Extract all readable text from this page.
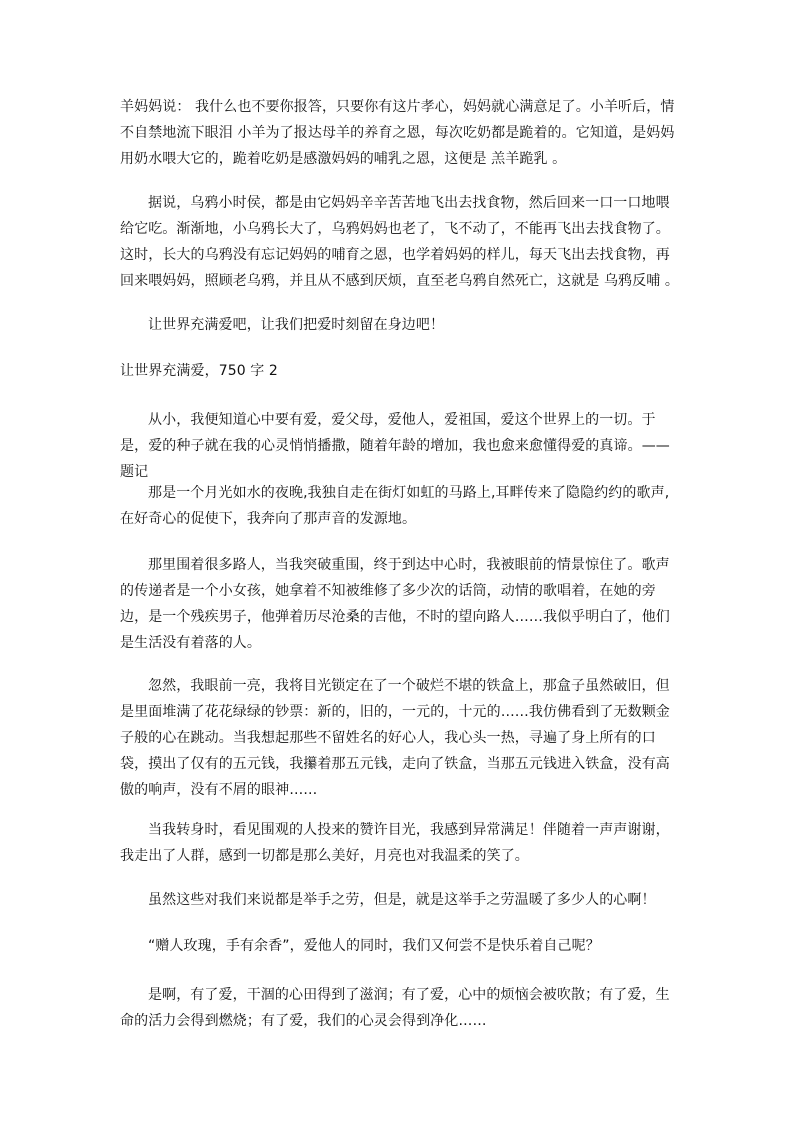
羊妈妈说： 我什么也不要你报答，只要你有这片孝心，妈妈就心满意足了。小羊听后，情不自禁地流下眼泪 小羊为了报达母羊的养育之恩，每次吃奶都是跪着的。它知道，是妈妈用奶水喂大它的，跪着吃奶是感激妈妈的哺乳之恩，这便是 羔羊跪乳 。
据说，乌鸦小时侯，都是由它妈妈辛辛苦苦地飞出去找食物，然后回来一口一口地喂给它吃。渐渐地，小乌鸦长大了，乌鸦妈妈也老了，飞不动了，不能再飞出去找食物了。这时，长大的乌鸦没有忘记妈妈的哺育之恩，也学着妈妈的样儿，每天飞出去找食物，再回来喂妈妈，照顾老乌鸦，并且从不感到厌烦，直至老乌鸦自然死亡，这就是 乌鸦反哺 。
让世界充满爱吧，让我们把爱时刻留在身边吧！
让世界充满爱，750 字 2
从小，我便知道心中要有爱，爱父母，爱他人，爱祖国，爱这个世界上的一切。于是，爱的种子就在我的心灵悄悄播撒，随着年龄的增加，我也愈来愈懂得爱的真谛。——题记
那是一个月光如水的夜晚,我独自走在街灯如虹的马路上,耳畔传来了隐隐约约的歌声,在好奇心的促使下，我奔向了那声音的发源地。
那里围着很多路人，当我突破重围，终于到达中心时，我被眼前的情景惊住了。歌声的传递者是一个小女孩，她拿着不知被维修了多少次的话筒，动情的歌唱着，在她的旁边，是一个残疾男子，他弹着历尽沧桑的吉他，不时的望向路人……我似乎明白了，他们是生活没有着落的人。
忽然，我眼前一亮，我将目光锁定在了一个破烂不堪的铁盒上，那盒子虽然破旧，但是里面堆满了花花绿绿的钞票：新的，旧的，一元的，十元的……我仿佛看到了无数颗金子般的心在跳动。当我想起那些不留姓名的好心人，我心头一热，寻遍了身上所有的口袋，摸出了仅有的五元钱，我攥着那五元钱，走向了铁盒，当那五元钱进入铁盒，没有高傲的响声，没有不屑的眼神……
当我转身时，看见围观的人投来的赞许目光，我感到异常满足！伴随着一声声谢谢，我走出了人群，感到一切都是那么美好，月亮也对我温柔的笑了。
虽然这些对我们来说都是举手之劳，但是，就是这举手之劳温暖了多少人的心啊！
“赠人玫瑰，手有余香”，爱他人的同时，我们又何尝不是快乐着自己呢？
是啊，有了爱，干涸的心田得到了滋润；有了爱，心中的烦恼会被吹散；有了爱，生命的活力会得到燃烧；有了爱，我们的心灵会得到净化……
